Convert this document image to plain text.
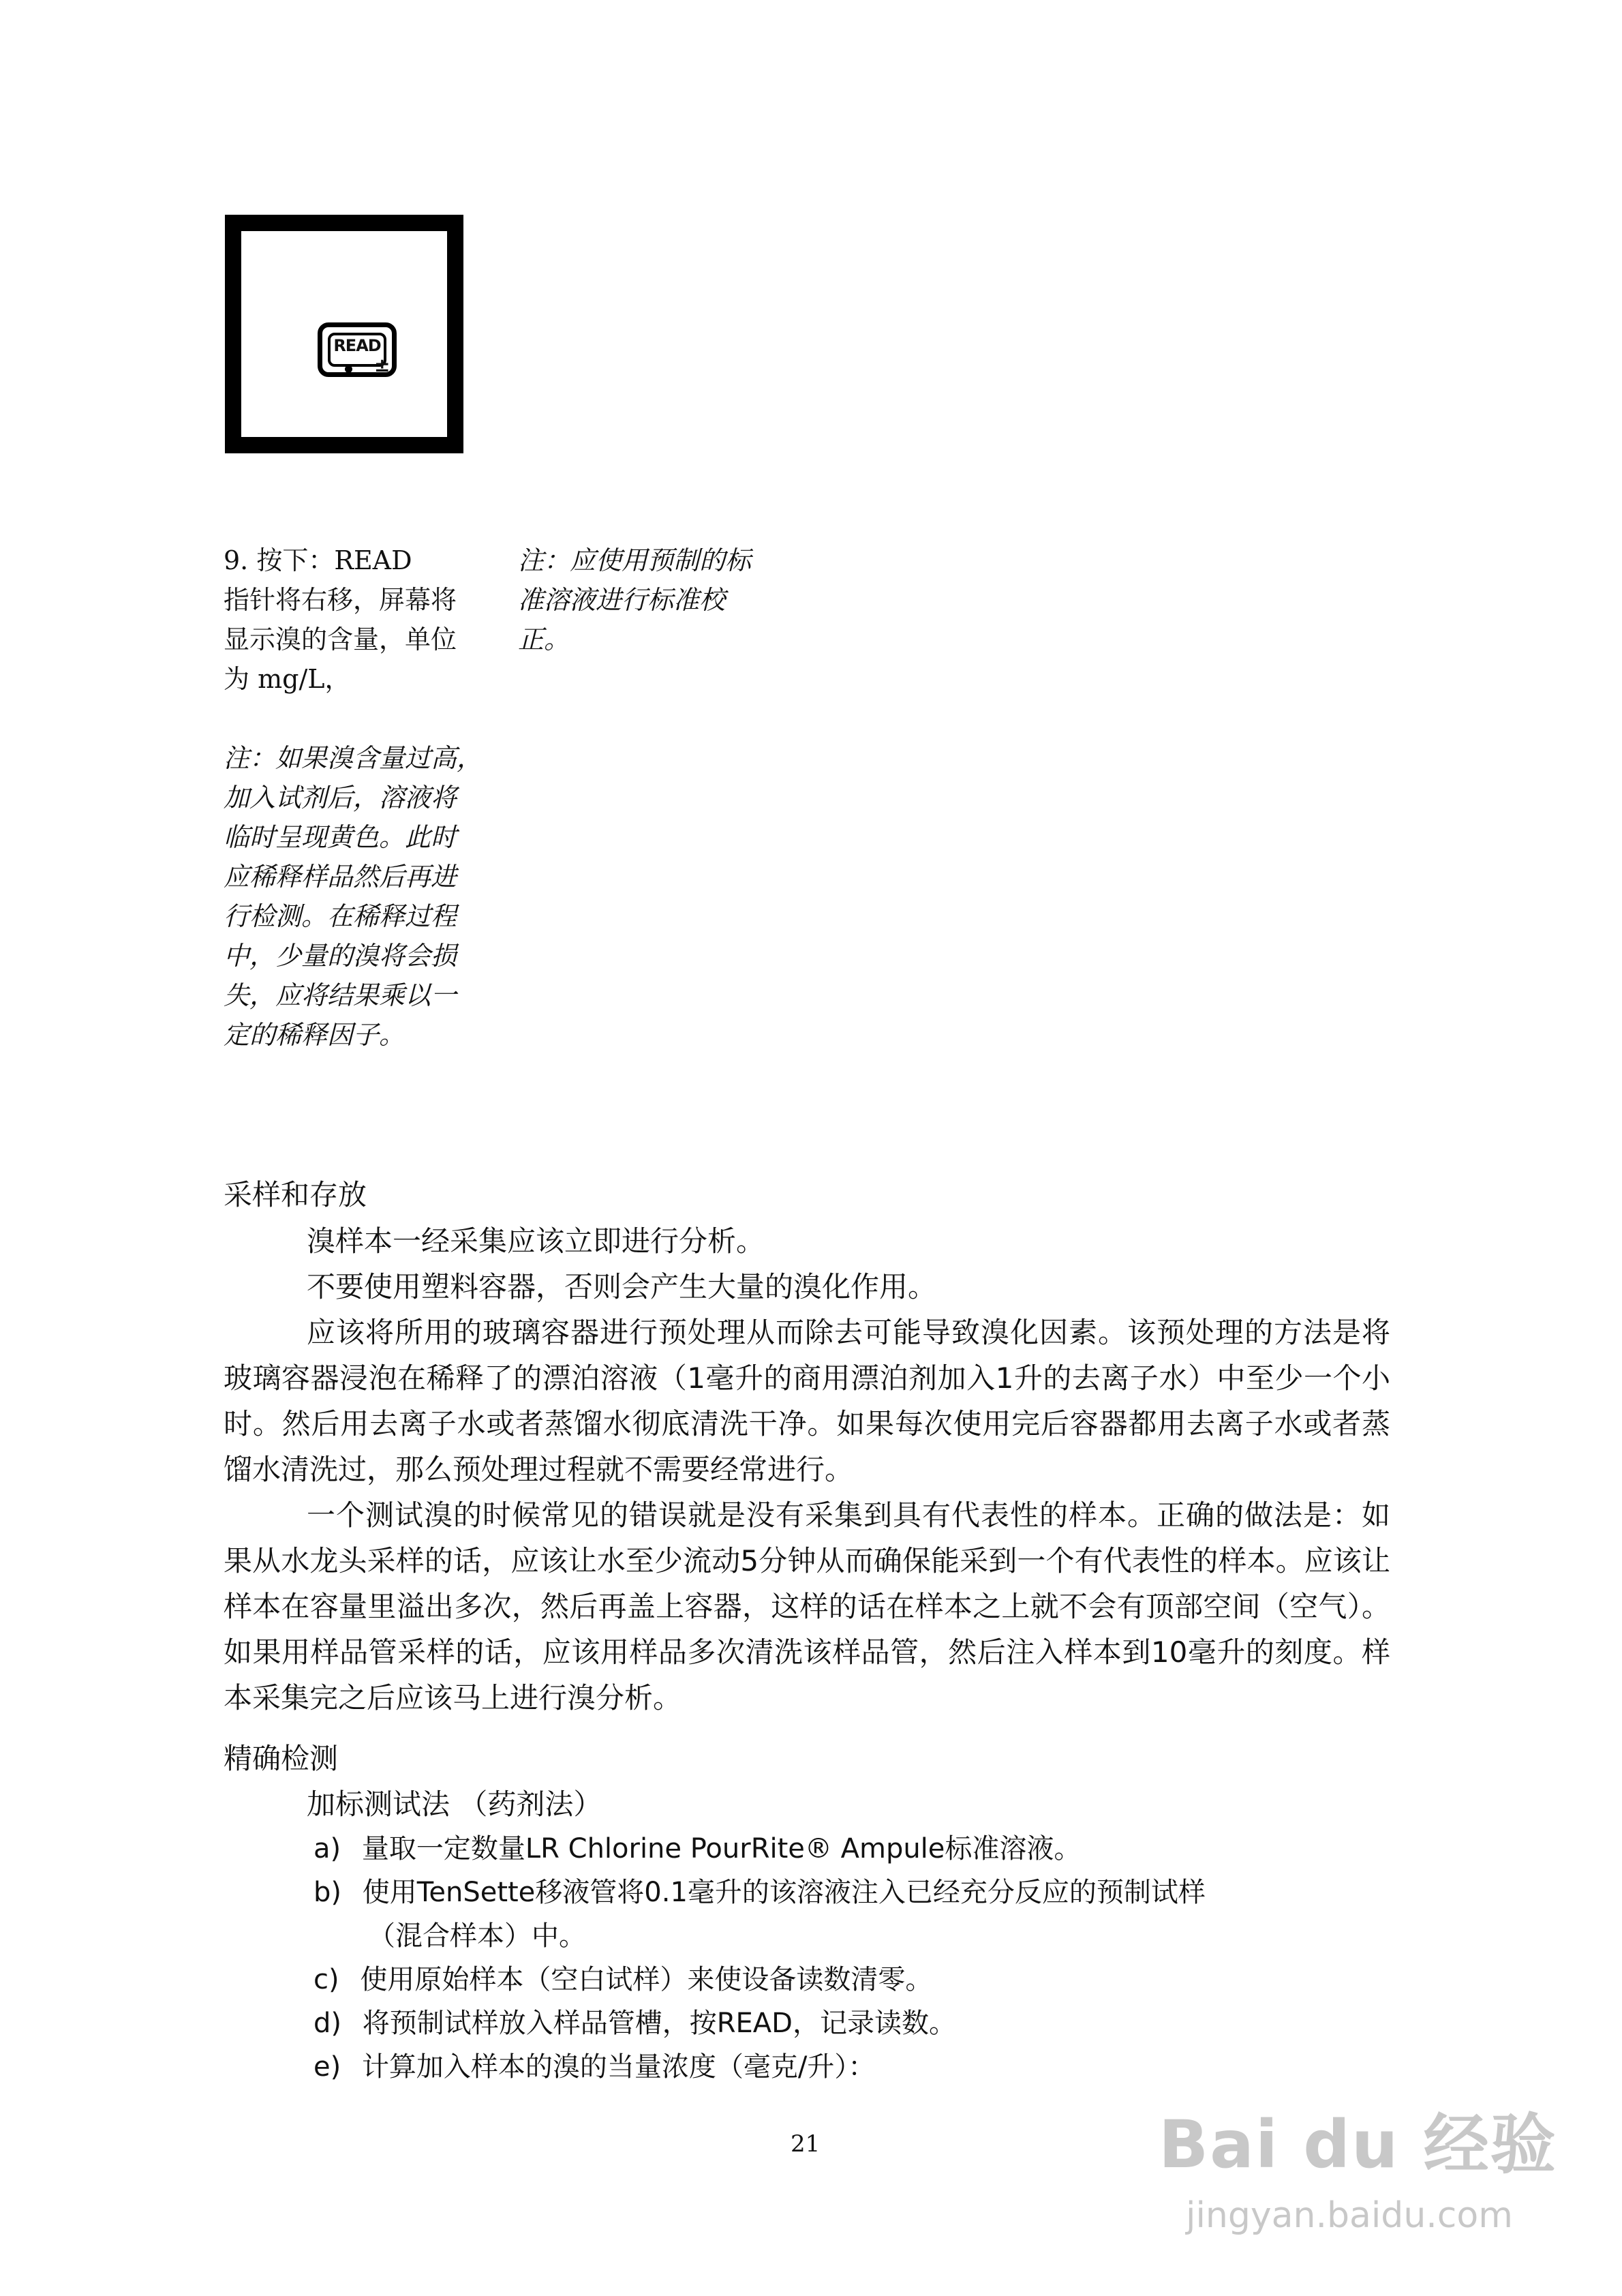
READ
±
9. 按下：READ
指针将右移，屏幕将
显示溴的含量，单位
为 mg/L，
注：如果溴含量过高，
加入试剂后，溶液将
临时呈现黄色。此时
应稀释样品然后再进
行检测。在稀释过程
中，少量的溴将会损
失，应将结果乘以一
定的稀释因子。
注：应使用预制的标
准溶液进行标准校
正。
采样和存放
溴样本一经采集应该立即进行分析。
不要使用塑料容器，否则会产生大量的溴化作用。
应该将所用的玻璃容器进行预处理从而除去可能导致溴化因素。该预处理的方法是将玻璃容器浸泡在稀释了的漂泊溶液（1毫升的商用漂泊剂加入1升的去离子水）中至少一个小时。然后用去离子水或者蒸馏水彻底清洗干净。如果每次使用完后容器都用去离子水或者蒸馏水清洗过，那么预处理过程就不需要经常进行。
一个测试溴的时候常见的错误就是没有采集到具有代表性的样本。正确的做法是：如果从水龙头采样的话，应该让水至少流动5分钟从而确保能采到一个有代表性的样本。应该让样本在容量里溢出多次，然后再盖上容器，这样的话在样本之上就不会有顶部空间（空气）。如果用样品管采样的话，应该用样品多次清洗该样品管，然后注入样本到10毫升的刻度。样本采集完之后应该马上进行溴分析。
精确检测
加标测试法 （药剂法）
a) 量取一定数量LR Chlorine PourRite® Ampule标准溶液。
b) 使用TenSette移液管将0.1毫升的该溶液注入已经充分反应的预制试样
（混合样本）中。
c) 使用原始样本（空白试样）来使设备读数清零。
d) 将预制试样放入样品管槽，按READ，记录读数。
e) 计算加入样本的溴的当量浓度（毫克/升）：
21	Bai du 经验
jingyan.baidu.com
